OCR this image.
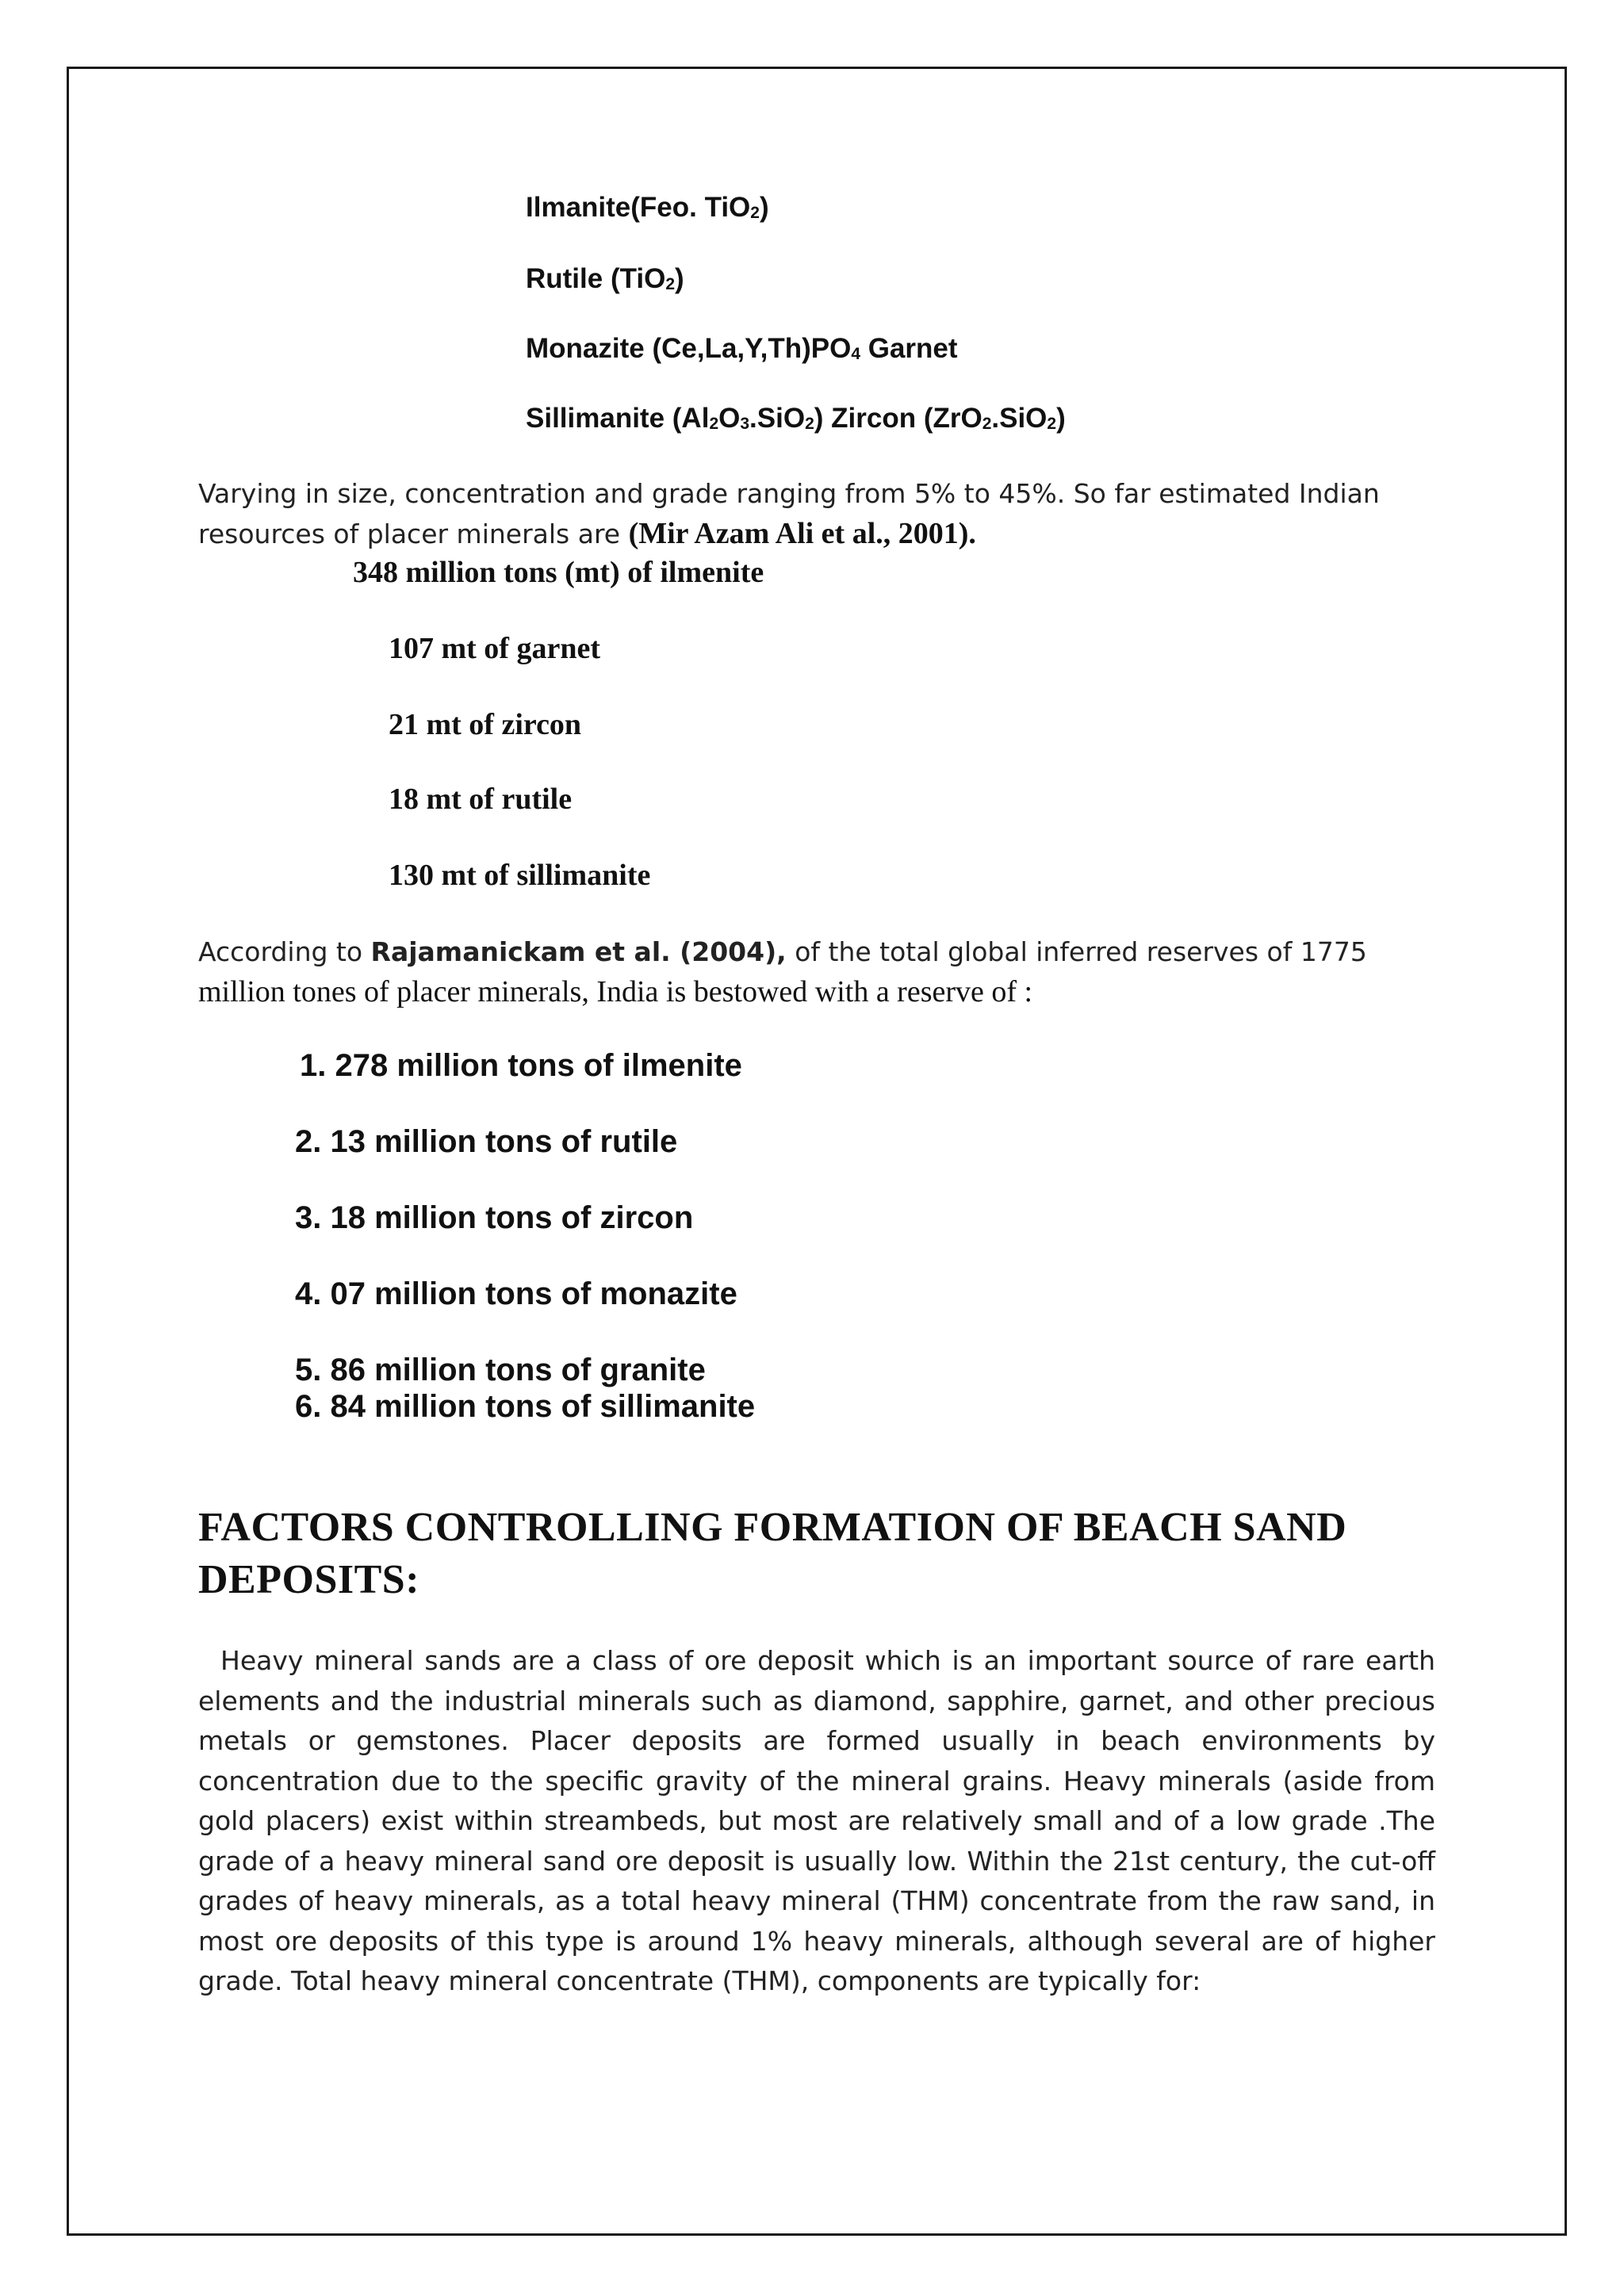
Ilmanite(Feo. TiO$_2$)
Rutile (TiO$_2$)
Monazite $(Ce,La,Y,Th)PO_4$ Garnet
Sillimanite $(Al_2O_3.SiO_2)$ Zircon (ZrO$_2$.SiO$_2$)
Varying in size, concentration and grade ranging from 5% to 45%. So far estimated Indian
resources of placer minerals are (Mir Azam Ali et al., 2001).
348 million tons (mt) of ilmenite
107 mt of garnet
21 mt of zircon
18 mt of rutile
130 mt of sillimanite
According to Rajamanickam et al. (2004), of the total global inferred reserves of 1775
million tones of placer minerals, India is bestowed with a reserve of :
1. 278 million tons of ilmenite
2. 13 million tons of rutile
3. 18 million tons of zircon
4. 07 million tons of monazite
5. 86 million tons of granite
6. 84 million tons of sillimanite
FACTORS CONTROLLING FORMATION OF BEACH SAND
DEPOSITS:
Heavy mineral sands are a class of ore deposit which is an important source of rare earth elements and the industrial minerals such as diamond, sapphire, garnet, and other precious metals or gemstones. Placer deposits are formed usually in beach environments by concentration due to the specific gravity of the mineral grains. Heavy minerals (aside from gold placers) exist within streambeds, but most are relatively small and of a low grade .The grade of a heavy mineral sand ore deposit is usually low. Within the 21st century, the cut-off grades of heavy minerals, as a total heavy mineral (THM) concentrate from the raw sand, in most ore deposits of this type is around 1% heavy minerals, although several are of higher grade. Total heavy mineral concentrate (THM), components are typically for:
